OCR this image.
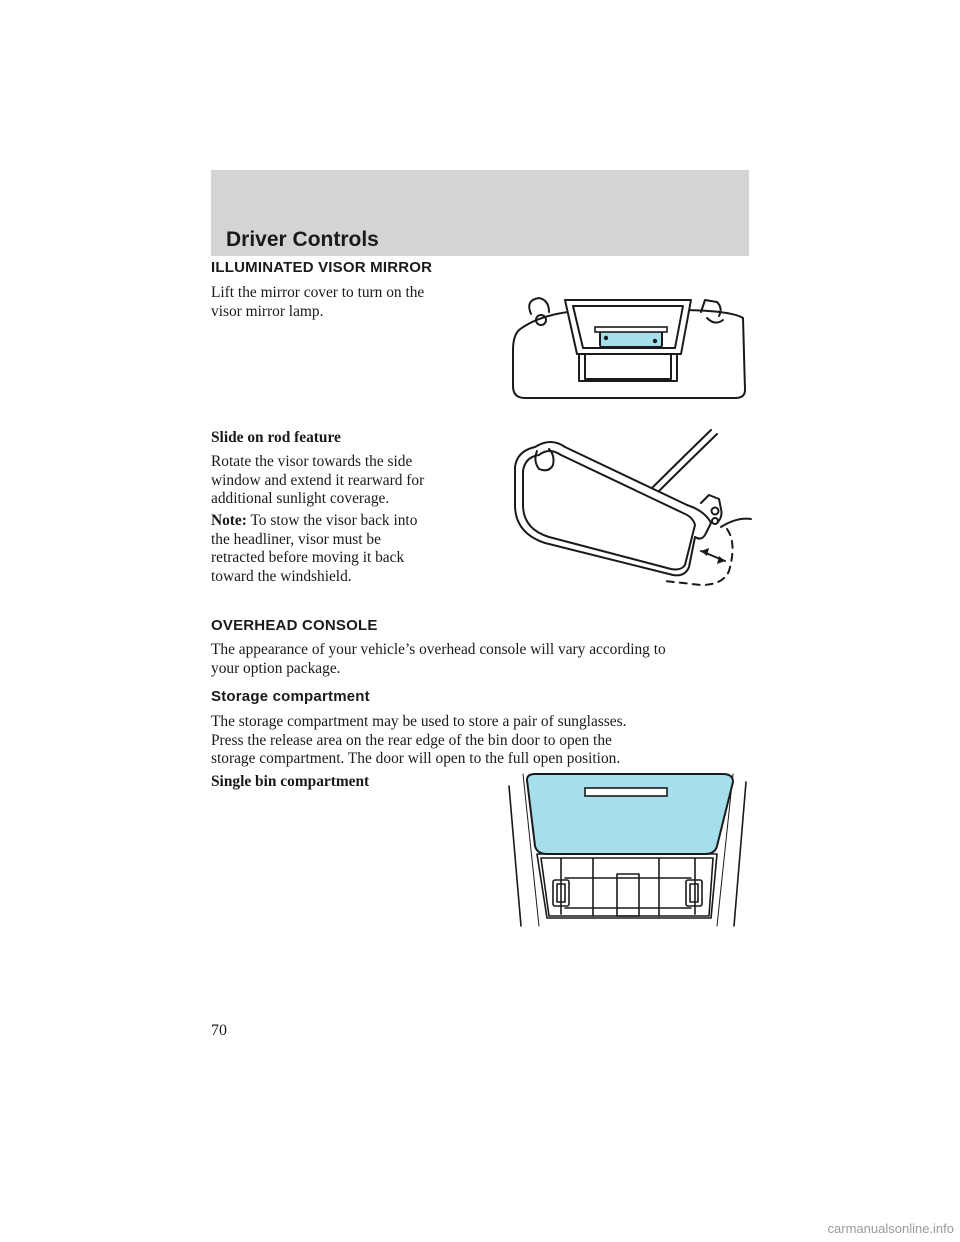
Driver Controls
ILLUMINATED VISOR MIRROR

Lift the mirror cover to turn on the
visor mirror lamp.

Slide on rod feature

Rotate the visor towards the side
window and extend it rearward for
additional sunlight coverage.

Note: To stow the visor back into
the headliner, visor must be
retracted before moving it back
toward the windshield.

OVERHEAD CONSOLE

The appearance of your vehicle’s overhead console will vary according to
your option package.

Storage compartment

The storage compartment may be used to store a pair of sunglasses.
Press the release area on the rear edge of the bin door to open the
storage compartment. The door will open to the full open position.

Single bin compartment

70
carmanualsonline.info
